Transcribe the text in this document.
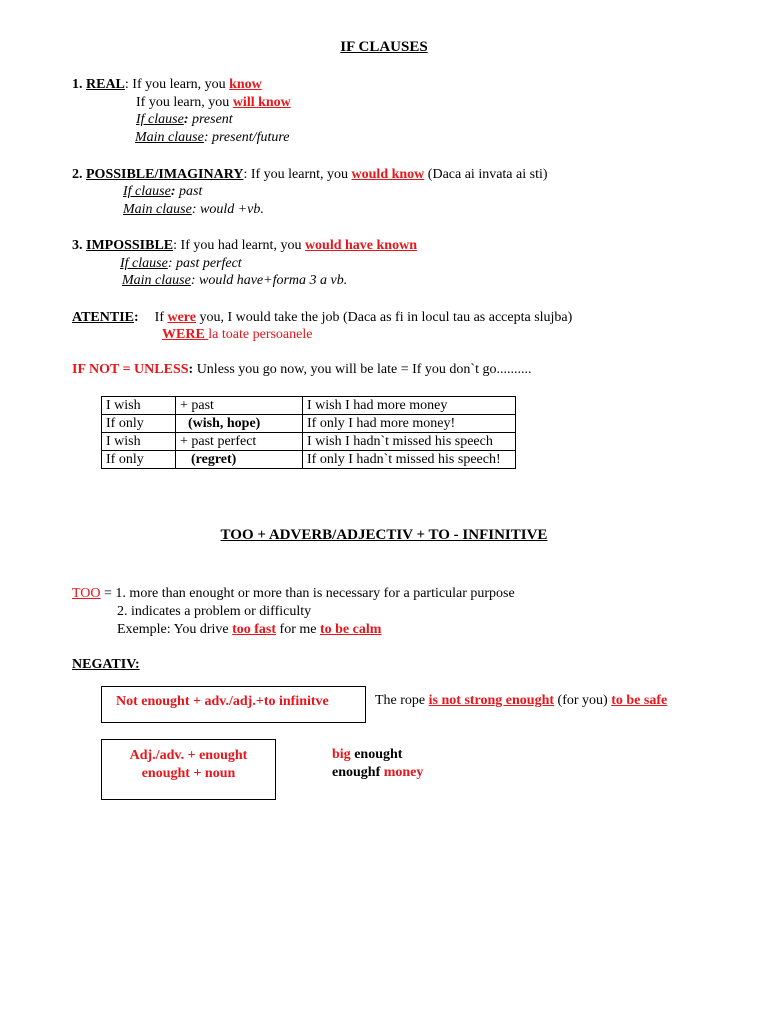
IF CLAUSES
1. REAL: If you learn, you know
If you learn, you will know
If clause: present
Main clause: present/future
2. POSSIBLE/IMAGINARY: If you learnt, you would know (Daca ai invata ai sti)
If clause: past
Main clause: would +vb.
3. IMPOSSIBLE: If you had learnt, you would have known
If clause: past perfect
Main clause: would have+forma 3 a vb.
ATENTIE: If were you, I would take the job (Daca as fi in locul tau as accepta slujba)
WERE la toate persoanele
IF NOT = UNLESS: Unless you go now, you will be late = If you don`t go..........
I wish	+ past	I wish I had more money
If only	(wish, hope)	If only I had more money!
I wish	+ past perfect	I wish I hadn`t missed his speech
If only	(regret)	If only I hadn`t missed his speech!
TOO + ADVERB/ADJECTIV + TO - INFINITIVE
TOO = 1. more than enought or more than is necessary for a particular purpose
2. indicates a problem or difficulty
Exemple: You drive too fast for me to be calm
NEGATIV:
Not enought + adv./adj.+to infinitve	The rope is not strong enought (for you) to be safe
Adj./adv. + enought
enought + noun
big enought
enoughf money
